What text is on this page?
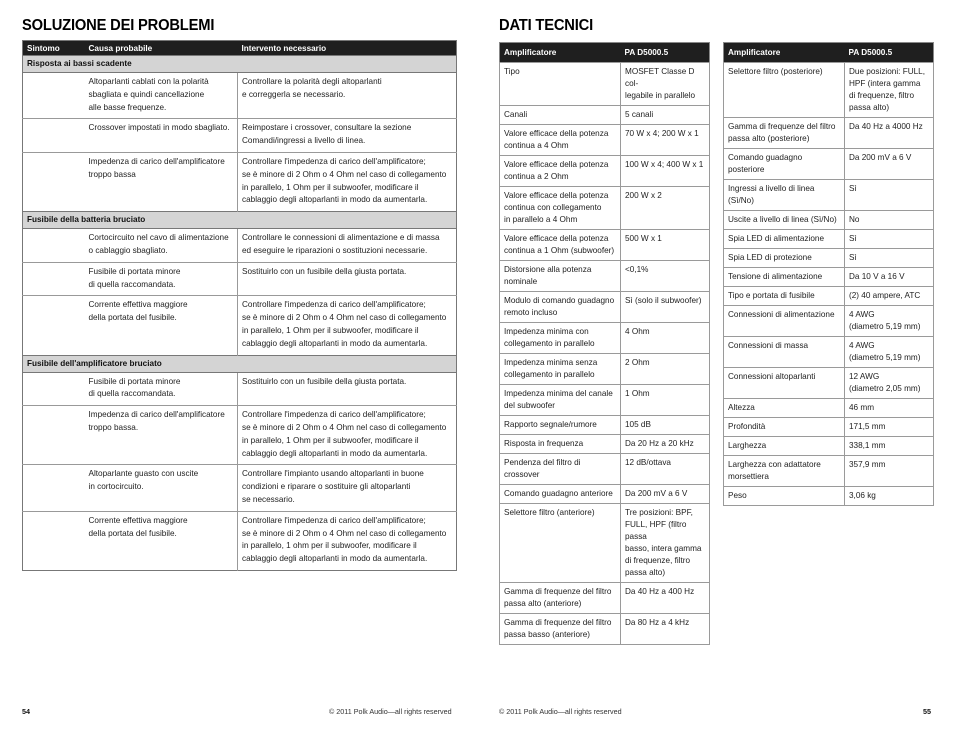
SOLUZIONE DEI PROBLEMI
Sintomo	Causa probabile	Intervento necessario
Risposta ai bassi scadente		
	Altoparlanti cablati con la polarità
sbagliata e quindi cancellazione
alle basse frequenze.	Controllare la polarità degli altoparlanti
e correggerla se necessario.
	Crossover impostati in modo sbagliato.	Reimpostare i crossover, consultare la sezione
Comandi/ingressi a livello di linea.
	Impedenza di carico dell'amplificatore
troppo bassa	Controllare l'impedenza di carico dell'amplificatore;
se è minore di 2 Ohm o 4 Ohm nel caso di collegamento
in parallelo, 1 Ohm per il subwoofer, modificare il
cablaggio degli altoparlanti in modo da aumentarla.
Fusibile della batteria bruciato		
	Cortocircuito nel cavo di alimentazione
o cablaggio sbagliato.	Controllare le connessioni di alimentazione e di massa
ed eseguire le riparazioni o sostituzioni necessarie.
	Fusibile di portata minore
di quella raccomandata.	Sostituirlo con un fusibile della giusta portata.
	Corrente effettiva maggiore
della portata del fusibile.	Controllare l'impedenza di carico dell'amplificatore;
se è minore di 2 Ohm o 4 Ohm nel caso di collegamento
in parallelo, 1 Ohm per il subwoofer, modificare il
cablaggio degli altoparlanti in modo da aumentarla.
Fusibile dell'amplificatore bruciato		
	Fusibile di portata minore
di quella raccomandata.	Sostituirlo con un fusibile della giusta portata.
	Impedenza di carico dell'amplificatore
troppo bassa.	Controllare l'impedenza di carico dell'amplificatore;
se è minore di 2 Ohm o 4 Ohm nel caso di collegamento
in parallelo, 1 Ohm per il subwoofer, modificare il
cablaggio degli altoparlanti in modo da aumentarla.
	Altoparlante guasto con uscite
in cortocircuito.	Controllare l'impianto usando altoparlanti in buone
condizioni e riparare o sostituire gli altoparlanti
se necessario.
	Corrente effettiva maggiore
della portata del fusibile.	Controllare l'impedenza di carico dell'amplificatore;
se è minore di 2 Ohm o 4 Ohm nel caso di collegamento
in parallelo, 1 ohm per il subwoofer, modificare il
cablaggio degli altoparlanti in modo da aumentarla.
54	© 2011 Polk Audio—all rights reserved
DATI TECNICI
Amplificatore	PA D5000.5
Tipo	MOSFET Classe D col-
legabile in parallelo
Canali	5 canali
Valore efficace della potenza
continua a 4 Ohm	70 W x 4; 200 W x 1
Valore efficace della potenza
continua a 2 Ohm	100 W x 4; 400 W x 1
Valore efficace della potenza
continua con collegamento
in parallelo a 4 Ohm	200 W x 2
Valore efficace della potenza
continua a 1 Ohm (subwoofer)	500 W x 1
Distorsione alla potenza
nominale	<0,1%
Modulo di comando guadagno
remoto incluso	Sì (solo il subwoofer)
Impedenza minima con
collegamento in parallelo	4 Ohm
Impedenza minima senza
collegamento in parallelo	2 Ohm
Impedenza minima del canale
del subwoofer	1 Ohm
Rapporto segnale/rumore	105 dB
Risposta in frequenza	Da 20 Hz a 20 kHz
Pendenza del filtro di crossover	12 dB/ottava
Comando guadagno anteriore	Da 200 mV a 6 V
Selettore filtro (anteriore)	Tre posizioni: BPF,
FULL, HPF (filtro passa
basso, intera gamma
di frequenze, filtro
passa alto)
Gamma di frequenze del filtro
passa alto (anteriore)	Da 40 Hz a 400 Hz
Gamma di frequenze del filtro
passa basso (anteriore)	Da 80 Hz a 4 kHz
Amplificatore	PA D5000.5
Selettore filtro (posteriore)	Due posizioni: FULL,
HPF (intera gamma
di frequenze, filtro
passa alto)
Gamma di frequenze del filtro
passa alto (posteriore)	Da 40 Hz a 4000 Hz
Comando guadagno posteriore	Da 200 mV a 6 V
Ingressi a livello di linea
(Sì/No)	Sì
Uscite a livello di linea (Sì/No)	No
Spia LED di alimentazione	Sì
Spia LED di protezione	Sì
Tensione di alimentazione	Da 10 V a 16 V
Tipo e portata di fusibile	(2) 40 ampere, ATC
Connessioni di alimentazione	4 AWG
(diametro 5,19 mm)
Connessioni di massa	4 AWG
(diametro 5,19 mm)
Connessioni altoparlanti	12 AWG
(diametro 2,05 mm)
Altezza	46 mm
Profondità	171,5 mm
Larghezza	338,1 mm
Larghezza con adattatore
morsettiera	357,9 mm
Peso	3,06 kg
© 2011 Polk Audio—all rights reserved	55
